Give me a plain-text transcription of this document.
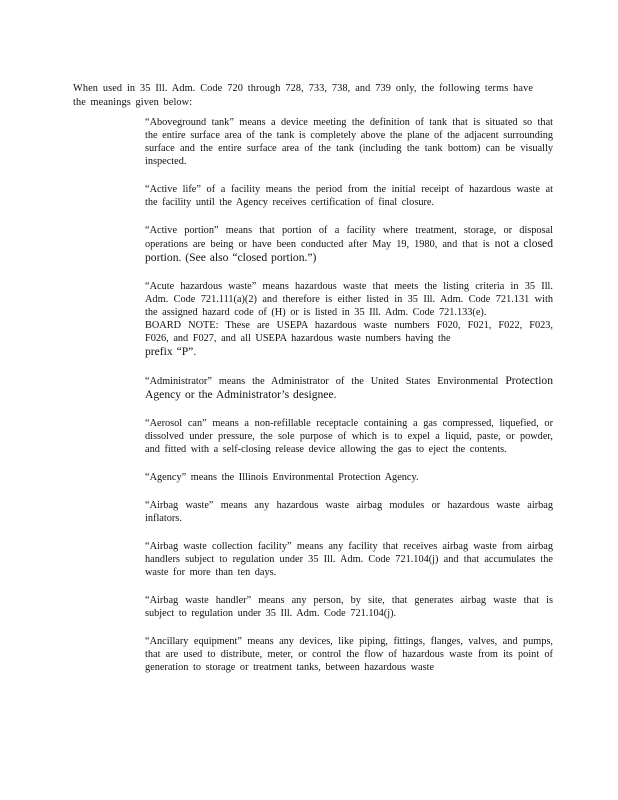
When used in 35 Ill. Adm. Code 720 through 728, 733, 738, and 739 only, the following terms have the meanings given below:

“Aboveground tank” means a device meeting the definition of tank that is situated so that the entire surface area of the tank is completely above the plane of the adjacent surrounding surface and the entire surface area of the tank (including the tank bottom) can be visually inspected.

“Active life” of a facility means the period from the initial receipt of hazardous waste at the facility until the Agency receives certification of final closure.

“Active portion” means that portion of a facility where treatment, storage, or disposal operations are being or have been conducted after May 19, 1980, and that is not a closed portion. (See also “closed portion.”)

“Acute hazardous waste” means hazardous waste that meets the listing criteria in 35 Ill. Adm. Code 721.111(a)(2) and therefore is either listed in 35 Ill. Adm. Code 721.131 with the assigned hazard code of (H) or is listed in 35 Ill. Adm. Code 721.133(e).
BOARD NOTE: These are USEPA hazardous waste numbers F020, F021, F022, F023, F026, and F027, and all USEPA hazardous waste numbers having the
prefix “P”.

“Administrator” means the Administrator of the United States Environmental Protection Agency or the Administrator’s designee.

“Aerosol can” means a non-refillable receptacle containing a gas compressed, liquefied, or dissolved under pressure, the sole purpose of which is to expel a liquid, paste, or powder, and fitted with a self-closing release device allowing the gas to eject the contents.

“Agency” means the Illinois Environmental Protection Agency.

“Airbag waste” means any hazardous waste airbag modules or hazardous waste airbag inflators.

“Airbag waste collection facility” means any facility that receives airbag waste from airbag handlers subject to regulation under 35 Ill. Adm. Code 721.104(j) and that accumulates the waste for more than ten days.

“Airbag waste handler” means any person, by site, that generates airbag waste that is subject to regulation under 35 Ill. Adm. Code 721.104(j).

“Ancillary equipment” means any devices, like piping, fittings, flanges, valves, and pumps, that are used to distribute, meter, or control the flow of hazardous waste from its point of generation to storage or treatment tanks, between hazardous waste
